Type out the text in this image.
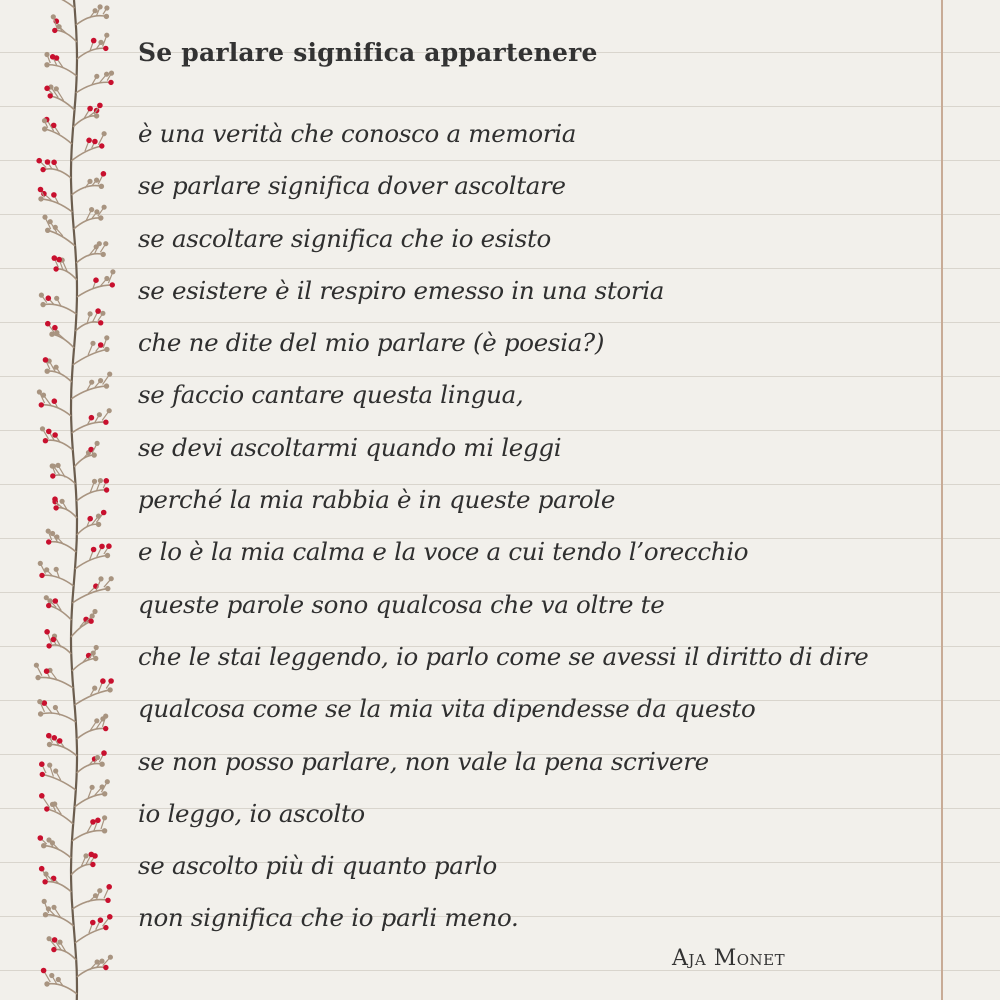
Se parlare significa appartenere
è una verità che conosco a memoria
se parlare significa dover ascoltare
se ascoltare significa che io esisto
se esistere è il respiro emesso in una storia
che ne dite del mio parlare (è poesia?)
se faccio cantare questa lingua,
se devi ascoltarmi quando mi leggi
perché la mia rabbia è in queste parole
e lo è la mia calma e la voce a cui tendo l’orecchio
queste parole sono qualcosa che va oltre te
che le stai leggendo, io parlo come se avessi il diritto di dire
qualcosa come se la mia vita dipendesse da questo
se non posso parlare, non vale la pena scrivere
io leggo, io ascolto
se ascolto più di quanto parlo
non significa che io parli meno.
Aja Monet
